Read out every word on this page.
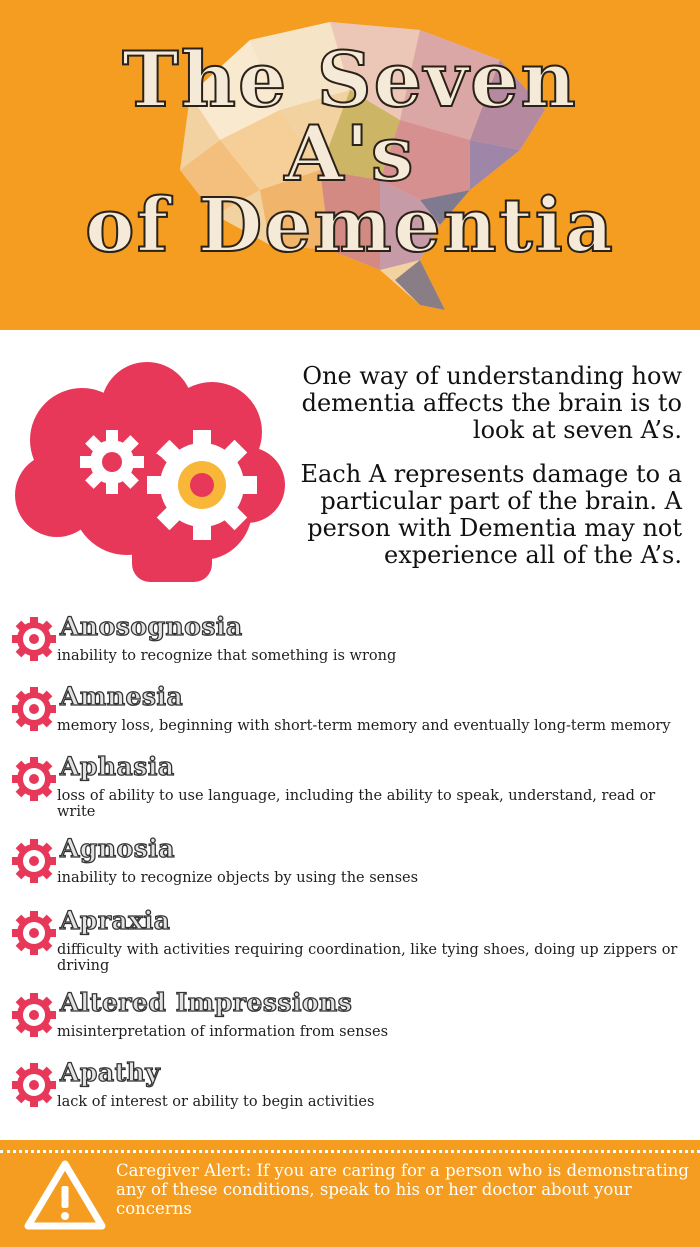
The Seven
A's
of Dementia

One way of understanding how dementia affects the brain is to look at seven A’s.

Each A represents damage to a particular part of the brain. A person with Dementia may not experience all of the A’s.

Anosognosia
inability to recognize that something is wrong
Amnesia
memory loss, beginning with short-term memory and eventually long-term memory
Aphasia
loss of ability to use language, including the ability to speak, understand, read or write
Agnosia
inability to recognize objects by using the senses
Apraxia
difficulty with activities requiring coordination, like tying shoes, doing up zippers or driving
Altered Impressions
misinterpretation of information from senses
Apathy
lack of interest or ability to begin activities
Caregiver Alert: If you are caring for a person who is demonstrating any of these conditions, speak to his or her doctor about your concerns
